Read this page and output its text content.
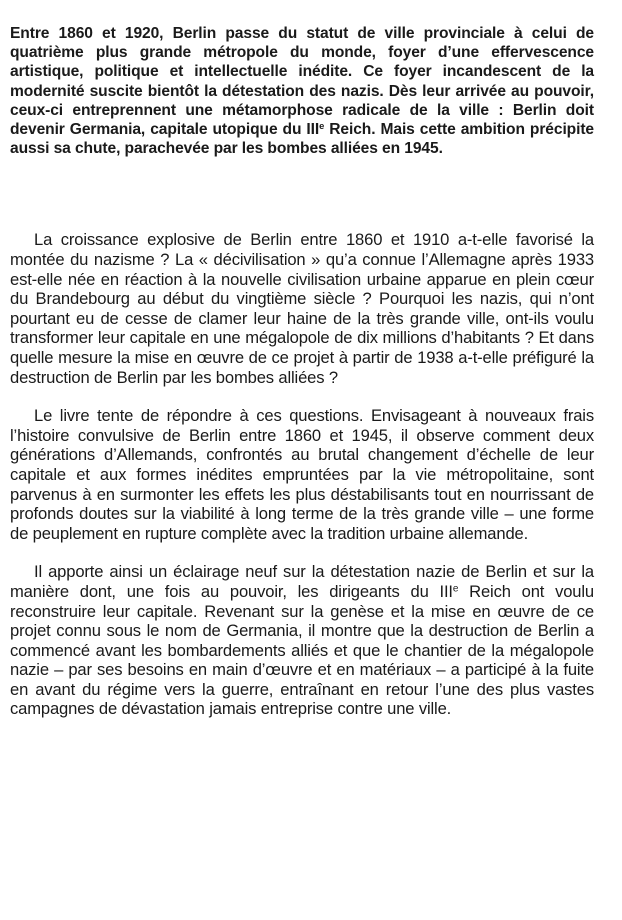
Entre 1860 et 1920, Berlin passe du statut de ville provinciale à celui de quatrième plus grande métropole du monde, foyer d’une effervescence artistique, politique et intellectuelle inédite. Ce foyer incandescent de la modernité suscite bientôt la détestation des nazis. Dès leur arrivée au pouvoir, ceux-ci entreprennent une métamorphose radicale de la ville : Berlin doit devenir Germania, capitale utopique du IIIe Reich. Mais cette ambition précipite aussi sa chute, parachevée par les bombes alliées en 1945.

La croissance explosive de Berlin entre 1860 et 1910 a-t-elle favorisé la montée du nazisme ? La « décivilisation » qu’a connue l’Allemagne après 1933 est-elle née en réaction à la nouvelle civilisation urbaine apparue en plein cœur du Brandebourg au début du vingtième siècle ? Pourquoi les nazis, qui n’ont pourtant eu de cesse de clamer leur haine de la très grande ville, ont-ils voulu transformer leur capitale en une mégalopole de dix millions d’habitants ? Et dans quelle mesure la mise en œuvre de ce projet à partir de 1938 a-t-elle préfiguré la destruction de Berlin par les bombes alliées ?

Le livre tente de répondre à ces questions. Envisageant à nouveaux frais l’histoire convulsive de Berlin entre 1860 et 1945, il observe comment deux générations d’Allemands, confrontés au brutal changement d’échelle de leur capitale et aux formes inédites empruntées par la vie métropolitaine, sont parvenus à en surmonter les effets les plus déstabilisants tout en nourrissant de profonds doutes sur la viabilité à long terme de la très grande ville – une forme de peuplement en rupture complète avec la tradition urbaine allemande.

Il apporte ainsi un éclairage neuf sur la détestation nazie de Berlin et sur la manière dont, une fois au pouvoir, les dirigeants du IIIe Reich ont voulu reconstruire leur capitale. Revenant sur la genèse et la mise en œuvre de ce projet connu sous le nom de Germania, il montre que la destruction de Berlin a commencé avant les bombardements alliés et que le chantier de la mégalopole nazie – par ses besoins en main d’œuvre et en matériaux – a participé à la fuite en avant du régime vers la guerre, entraînant en retour l’une des plus vastes campagnes de dévastation jamais entreprise contre une ville.
